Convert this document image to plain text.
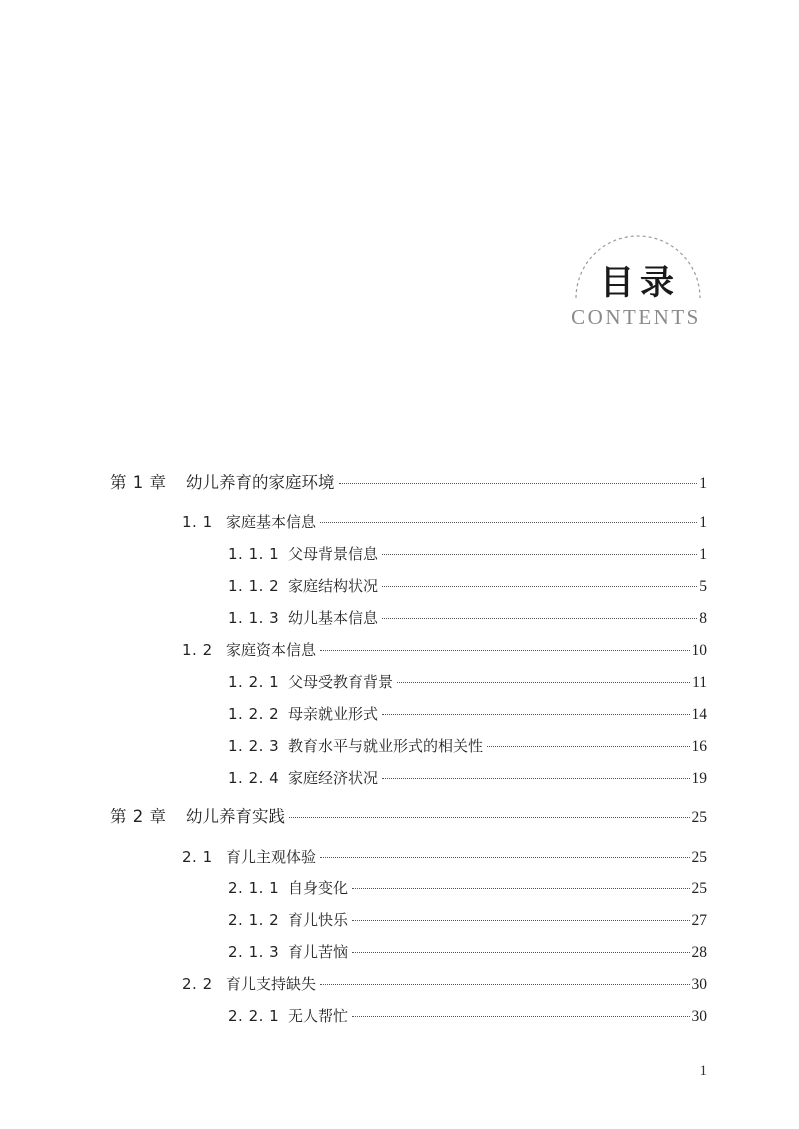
目录
CONTENTS
第 1 章	幼儿养育的家庭环境	1
1. 1 家庭基本信息	1
1. 1. 1 父母背景信息	1
1. 1. 2 家庭结构状况	5
1. 1. 3 幼儿基本信息	8
1. 2 家庭资本信息	10
1. 2. 1 父母受教育背景	11
1. 2. 2 母亲就业形式	14
1. 2. 3 教育水平与就业形式的相关性	16
1. 2. 4 家庭经济状况	19
第 2 章	幼儿养育实践	25
2. 1 育儿主观体验	25
2. 1. 1 自身变化	25
2. 1. 2 育儿快乐	27
2. 1. 3 育儿苦恼	28
2. 2 育儿支持缺失	30
2. 2. 1 无人帮忙	30
1
